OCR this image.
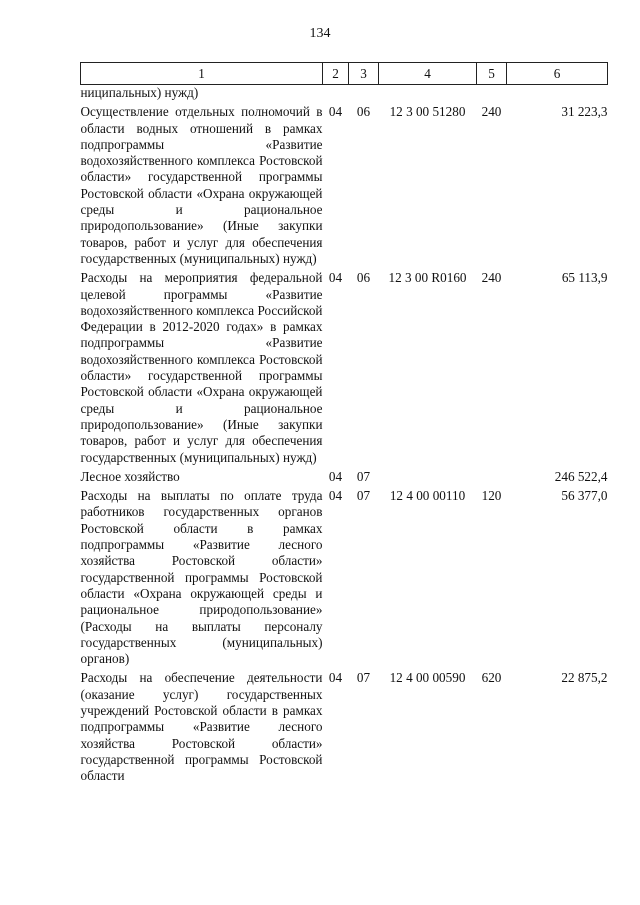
134
1	2	3	4	5	6
ниципальных) нужд)					
Осуществление отдельных полномочий в области водных отношений в рамках подпрограммы «Развитие водохозяйственного комплекса Ростовской области» государственной программы Ростовской области «Охрана окружающей среды и рациональное природопользование» (Иные закупки товаров, работ и услуг для обеспечения государственных (муниципальных) нужд)	04	06	12 3 00 51280	240	31 223,3
Расходы на мероприятия федеральной целевой программы «Развитие водохозяйственного комплекса Российской Федерации в 2012-2020 годах» в рамках подпрограммы «Развитие водохозяйственного комплекса Ростовской области» государственной программы Ростовской области «Охрана окружающей среды и рациональное природопользование» (Иные закупки товаров, работ и услуг для обеспечения государственных (муниципальных) нужд)	04	06	12 3 00 R0160	240	65 113,9
Лесное хозяйство	04	07			246 522,4
Расходы на выплаты по оплате труда работников государственных органов Ростовской области в рамках подпрограммы «Развитие лесного хозяйства Ростовской области» государственной программы Ростовской области «Охрана окружающей среды и рациональное природопользование» (Расходы на выплаты персоналу государственных (муниципальных) органов)	04	07	12 4 00 00110	120	56 377,0
Расходы на обеспечение деятельности (оказание услуг) государственных учреждений Ростовской области в рамках подпрограммы «Развитие лесного хозяйства Ростовской области» государственной программы Ростовской области	04	07	12 4 00 00590	620	22 875,2
